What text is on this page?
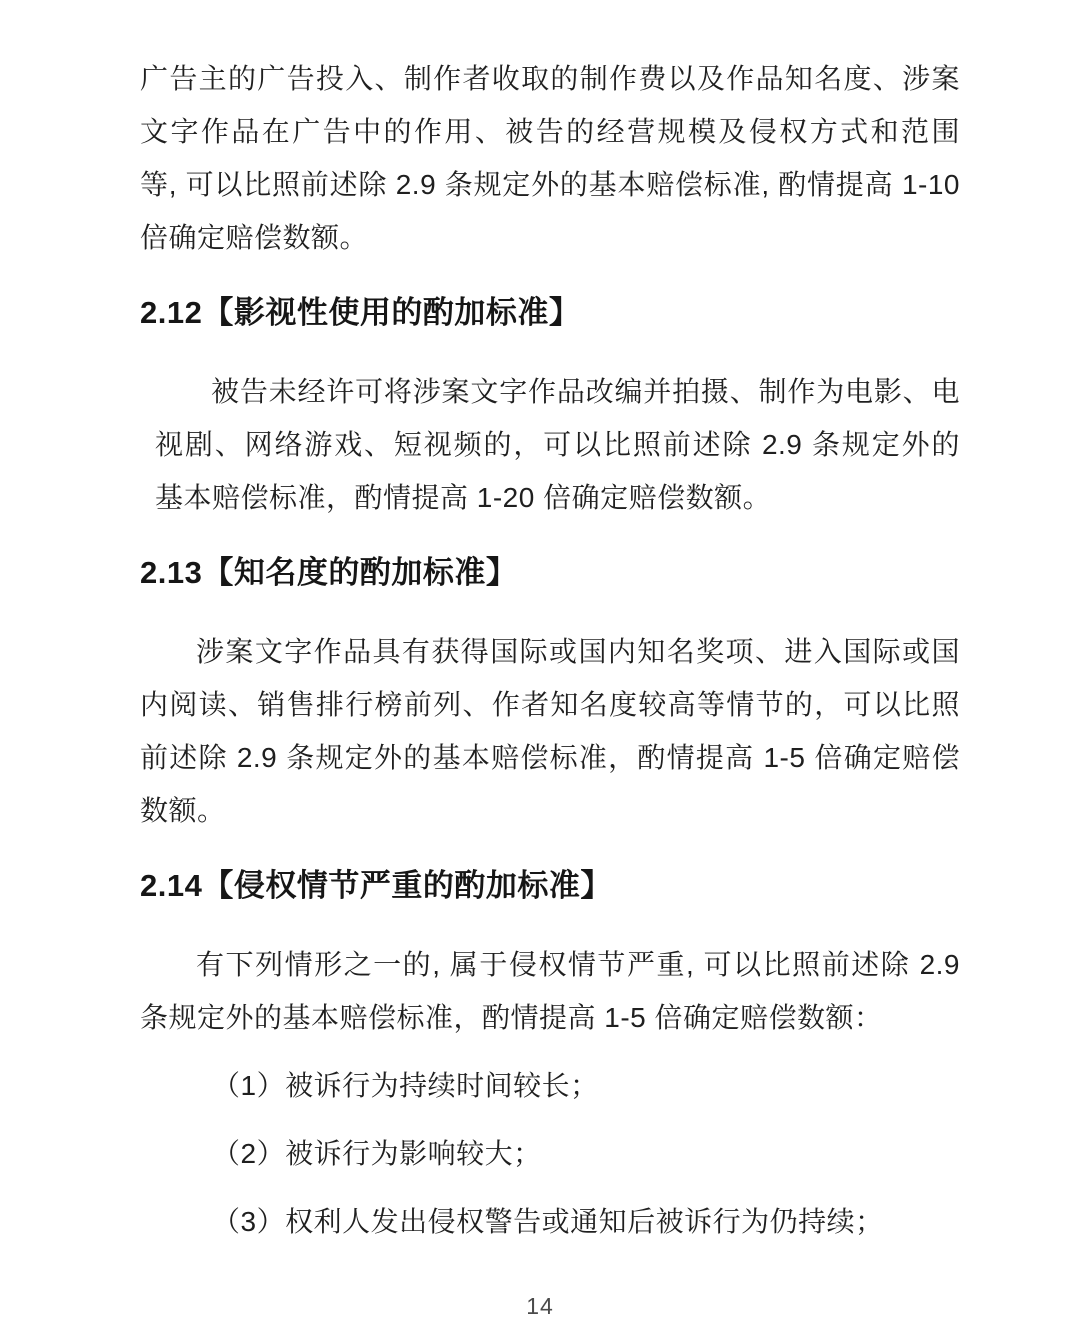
广告主的广告投入、制作者收取的制作费以及作品知名度、涉案
文字作品在广告中的作用、被告的经营规模及侵权方式和范围
等, 可以比照前述除 2.9 条规定外的基本赔偿标准, 酌情提高 1-10
倍确定赔偿数额。
2.12【影视性使用的酌加标准】
被告未经许可将涉案文字作品改编并拍摄、制作为电影、电
视剧、网络游戏、短视频的，可以比照前述除 2.9 条规定外的
基本赔偿标准，酌情提高 1-20 倍确定赔偿数额。
2.13【知名度的酌加标准】
涉案文字作品具有获得国际或国内知名奖项、进入国际或国
内阅读、销售排行榜前列、作者知名度较高等情节的，可以比照
前述除 2.9 条规定外的基本赔偿标准，酌情提高 1-5 倍确定赔偿
数额。
2.14【侵权情节严重的酌加标准】
有下列情形之一的, 属于侵权情节严重, 可以比照前述除 2.9
条规定外的基本赔偿标准，酌情提高 1-5 倍确定赔偿数额：
（1）被诉行为持续时间较长；
（2）被诉行为影响较大；
（3）权利人发出侵权警告或通知后被诉行为仍持续；
14
